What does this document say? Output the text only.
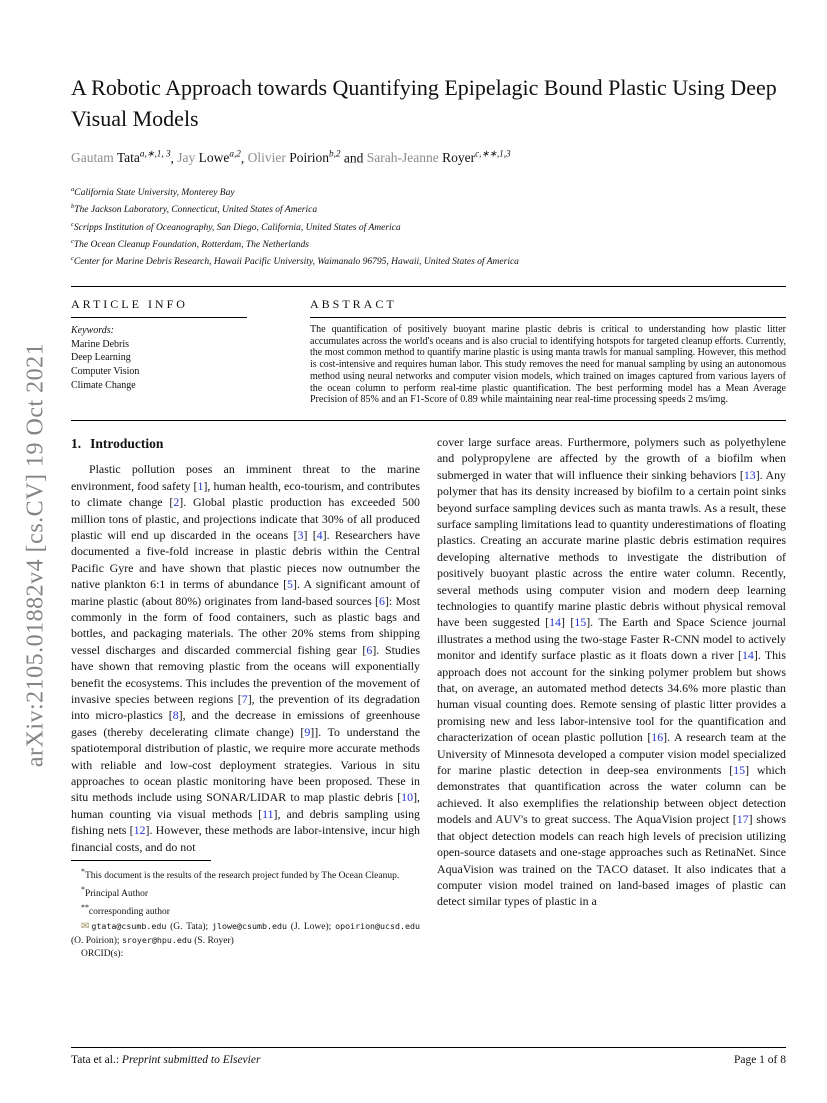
arXiv:2105.01882v4 [cs.CV] 19 Oct 2021
A Robotic Approach towards Quantifying Epipelagic Bound Plastic Using Deep Visual Models
Gautam Tata$^{a,∗,1, 3}$, Jay Lowe$^{a,2}$, Olivier Poirion$^{b,2}$ and Sarah-Jeanne Royer$^{c,∗∗,1,3}$
$^a$California State University, Monterey Bay
$^b$The Jackson Laboratory, Connecticut, United States of America
$^c$Scripps Institution of Oceanography, San Diego, California, United States of America
$^c$The Ocean Cleanup Foundation, Rotterdam, The Netherlands
$^c$Center for Marine Debris Research, Hawaii Pacific University, Waimanalo 96795, Hawaii, United States of America
ARTICLE INFO
Keywords:
Marine Debris
Deep Learning
Computer Vision
Climate Change
ABSTRACT
The quantification of positively buoyant marine plastic debris is critical to understanding how plastic litter accumulates across the world's oceans and is also crucial to identifying hotspots for targeted cleanup efforts. Currently, the most common method to quantify marine plastic is using manta trawls for manual sampling. However, this method is cost-intensive and requires human labor. This study removes the need for manual sampling by using an autonomous method using neural networks and computer vision models, which trained on images captured from various layers of the ocean column to perform real-time plastic quantification. The best performing model has a Mean Average Precision of 85% and an F1-Score of 0.89 while maintaining near real-time processing speeds 2 ms/img.
1. Introduction
Plastic pollution poses an imminent threat to the marine environment, food safety [1], human health, eco-tourism, and contributes to climate change [2]. Global plastic production has exceeded 500 million tons of plastic, and projections indicate that 30% of all produced plastic will end up discarded in the oceans [3] [4]. Researchers have documented a five-fold increase in plastic debris within the Central Pacific Gyre and have shown that plastic pieces now outnumber the native plankton 6:1 in terms of abundance [5]. A significant amount of marine plastic (about 80%) originates from land-based sources [6]: Most commonly in the form of food containers, such as plastic bags and bottles, and packaging materials. The other 20% stems from shipping vessel discharges and discarded commercial fishing gear [6]. Studies have shown that removing plastic from the oceans will exponentially benefit the ecosystems. This includes the prevention of the movement of invasive species between regions [7], the prevention of its degradation into micro-plastics [8], and the decrease in emissions of greenhouse gases (thereby decelerating climate change) [9]]. To understand the spatiotemporal distribution of plastic, we require more accurate methods with reliable and low-cost deployment strategies. Various in situ approaches to ocean plastic monitoring have been proposed. These in situ methods include using SONAR/LIDAR to map plastic debris [10], human counting via visual methods [11], and debris sampling using fishing nets [12]. However, these methods are labor-intensive, incur high financial costs, and do not
*This document is the results of the research project funded by The Ocean Cleanup.
*Principal Author
**corresponding author
✉ gtata@csumb.edu (G. Tata); jlowe@csumb.edu (J. Lowe); opoirion@ucsd.edu (O. Poirion); sroyer@hpu.edu (S. Royer)
ORCID(s):
cover large surface areas. Furthermore, polymers such as polyethylene and polypropylene are affected by the growth of a biofilm when submerged in water that will influence their sinking behaviors [13]. Any polymer that has its density increased by biofilm to a certain point sinks beyond surface sampling devices such as manta trawls. As a result, these surface sampling limitations lead to quantity underestimations of floating plastics. Creating an accurate marine plastic debris estimation requires developing alternative methods to investigate the distribution of positively buoyant plastic across the entire water column. Recently, several methods using computer vision and modern deep learning technologies to quantify marine plastic debris without physical removal have been suggested [14] [15]. The Earth and Space Science journal illustrates a method using the two-stage Faster R-CNN model to actively monitor and identify surface plastic as it floats down a river [14]. This approach does not account for the sinking polymer problem but shows that, on average, an automated method detects 34.6% more plastic than human visual counting does. Remote sensing of plastic litter provides a promising new and less labor-intensive tool for the quantification and characterization of ocean plastic pollution [16]. A research team at the University of Minnesota developed a computer vision model specialized for marine plastic detection in deep-sea environments [15] which demonstrates that quantification across the water column can be achieved. It also exemplifies the relationship between object detection models and AUV's to great success. The AquaVision project [17] shows that object detection models can reach high levels of precision utilizing open-source datasets and one-stage approaches such as RetinaNet. Since AquaVision was trained on the TACO dataset. It also indicates that a computer vision model trained on land-based images of plastic can detect similar types of plastic in a
Tata et al.: Preprint submitted to Elsevier	Page 1 of 8
